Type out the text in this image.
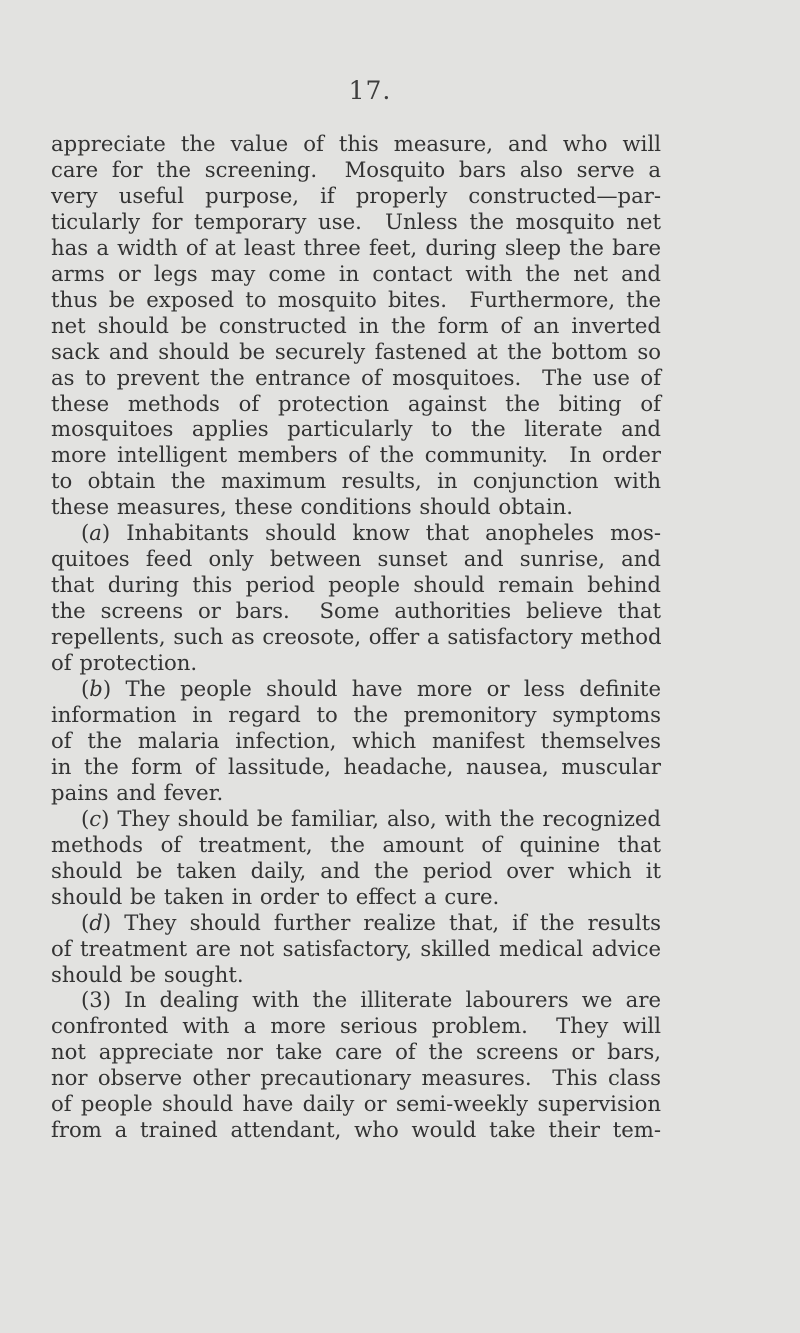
17.
appreciate the value of this measure, and who will
care for the screening.  Mosquito bars also serve a
very useful purpose, if properly constructed—par-
ticularly for temporary use.  Unless the mosquito net
has a width of at least three feet, during sleep the bare
arms or legs may come in contact with the net and
thus be exposed to mosquito bites.  Furthermore, the
net should be constructed in the form of an inverted
sack and should be securely fastened at the bottom so
as to prevent the entrance of mosquitoes.  The use of
these methods of protection against the biting of
mosquitoes applies particularly to the literate and
more intelligent members of the community.  In order
to obtain the maximum results, in conjunction with
these measures, these conditions should obtain.
(a) Inhabitants should know that anopheles mos-
quitoes feed only between sunset and sunrise, and
that during this period people should remain behind
the screens or bars.  Some authorities believe that
repellents, such as creosote, offer a satisfactory method
of protection.
(b) The people should have more or less definite
information in regard to the premonitory symptoms
of the malaria infection, which manifest themselves
in the form of lassitude, headache, nausea, muscular
pains and fever.
(c) They should be familiar, also, with the recognized
methods of treatment, the amount of quinine that
should be taken daily, and the period over which it
should be taken in order to effect a cure.
(d) They should further realize that, if the results
of treatment are not satisfactory, skilled medical advice
should be sought.
(3) In dealing with the illiterate labourers we are
confronted with a more serious problem.  They will
not appreciate nor take care of the screens or bars,
nor observe other precautionary measures.  This class
of people should have daily or semi-weekly supervision
from a trained attendant, who would take their tem-
